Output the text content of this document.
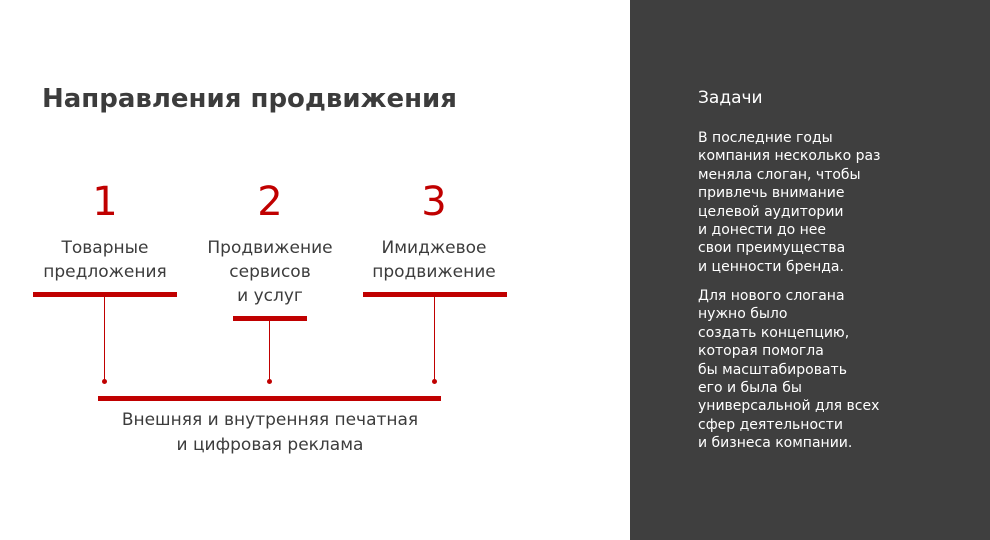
Направления продвижения
1
Товарные
предложения
2
Продвижение
сервисов
и услуг
3
Имиджевое
продвижение
Внешняя и внутренняя печатная
и цифровая реклама
Задачи

В последние годы
компания несколько раз
меняла слоган, чтобы
привлечь внимание
целевой аудитории
и донести до нее
свои преимущества
и ценности бренда.

Для нового слогана
нужно было
создать концепцию,
которая помогла
бы масштабировать
его и была бы
универсальной для всех
сфер деятельности
и бизнеса компании.
